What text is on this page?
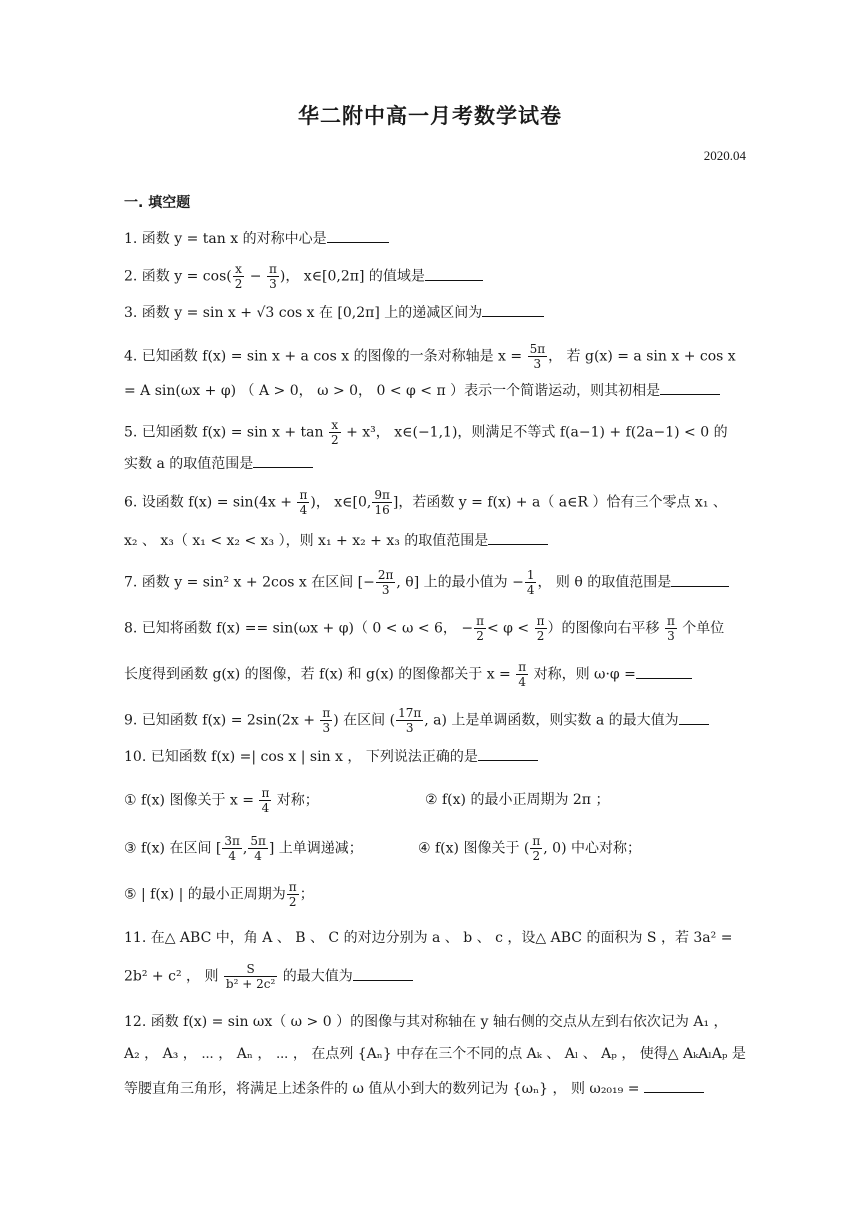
华二附中高一月考数学试卷
2020.04
一. 填空题
1. 函数 y = tan x 的对称中心是
2. 函数 $y = \cos( \frac{x}{2} - \frac{\pi}{3}$ )， x∈[0,2π] 的值域是
3. 函数 y = sin x + √3 cos x 在 [0,2π] 上的递减区间为
4. 已知函数 f(x) = sin x + a cos x 的图像的一条对称轴是 $x = \frac{5\pi}{3}$ ， 若 g(x) = a sin x + cos x
= A sin(ωx + φ) （ A > 0， ω > 0， 0 < φ < π ）表示一个简谐运动，则其初相是
5. 已知函数 $f(x) = \sin x + \tan \frac{x}{2} + x^3$， x∈(−1,1)，则满足不等式 f(a−1) + f(2a−1) < 0 的
实数 a 的取值范围是
6. 设函数 $f(x) = \sin(4x + \frac{\pi}{4}$ )， x∈[0, $\frac{9\pi}{16}$ ]，若函数 y = f(x) + a（ a∈R ）恰有三个零点 x₁ 、
x₂ 、 x₃（ x₁ < x₂ < x₃ ），则 x₁ + x₂ + x₃ 的取值范围是
7. 函数 y = sin² x + 2cos x 在区间 [− $\frac{2\pi}{3}$ , θ] 上的最小值为 − $\frac{1}{4}$ ， 则 θ 的取值范围是
8. 已知将函数 f(x) == sin(ωx + φ)（ 0 < ω < 6， − $\frac{\pi}{2} < \varphi < \frac{\pi}{2}$ ）的图像向右平移 $\frac{\pi}{3}$ 个单位
长度得到函数 g(x) 的图像，若 f(x) 和 g(x) 的图像都关于 $x = \frac{\pi}{4}$ 对称，则 ω·φ =
9. 已知函数 $f(x) = 2\sin(2x + \frac{\pi}{3}$ ) 在区间 ( $\frac{17\pi}{3}$ , a) 上是单调函数，则实数 a 的最大值为
10. 已知函数 f(x) =| cos x | sin x ， 下列说法正确的是
① f(x) 图像关于 $x = \frac{\pi}{4}$ 对称；	② f(x) 的最小正周期为 2π ；
③ f(x) 在区间 [ $\frac{3\pi}{4}$ , $\frac{5\pi}{4}$ ] 上单调递减；	④ f(x) 图像关于 ( $\frac{\pi}{2}$ , 0) 中心对称；
⑤ | f(x) | 的最小正周期为 $\frac{\pi}{2}$ ；
11. 在△ ABC 中，角 A 、 B 、 C 的对边分别为 a 、 b 、 c ，设△ ABC 的面积为 S ，若 3a² =
2b² + c² ， 则 $\frac{S}{\text{b² + 2c²}}$ 的最大值为
12. 函数 f(x) = sin ωx（ ω > 0 ）的图像与其对称轴在 y 轴右侧的交点从左到右依次记为 A₁ ，
A₂ ， A₃ ， ⋯ ， Aₙ ， ⋯ ， 在点列 {Aₙ} 中存在三个不同的点 Aₖ 、 Aₗ 、 Aₚ ， 使得△ AₖAₗAₚ 是
等腰直角三角形，将满足上述条件的 ω 值从小到大的数列记为 {ωₙ} ， 则 ω₂₀₁₉ =
